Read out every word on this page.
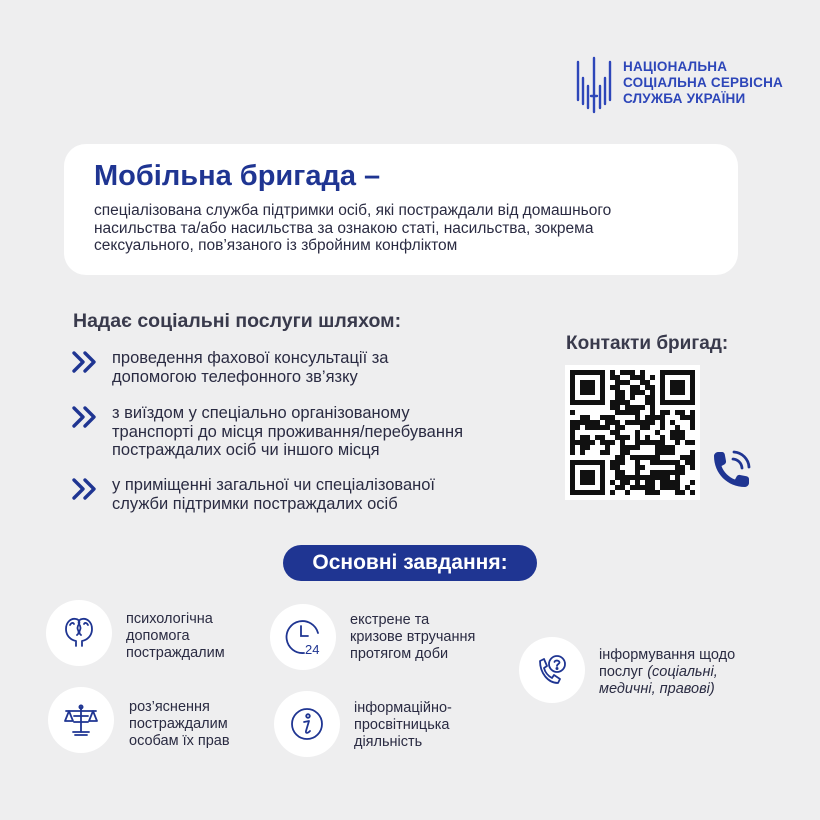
НАЦІОНАЛЬНА
СОЦІАЛЬНА СЕРВІСНА
СЛУЖБА УКРАЇНИ
Мобільна бригада –
спеціалізована служба підтримки осіб, які постраждали від домашнього
насильства та/або насильства за ознакою статі, насильства, зокрема
сексуального, пов’язаного із збройним конфліктом
Надає соціальні послуги шляхом:
проведення фахової консультації за
допомогою телефонного зв’язку
з виїздом у спеціально організованому
транспорті до місця проживання/перебування
постраждалих осіб чи іншого місця
у приміщенні загальної чи спеціалізованої
служби підтримки постраждалих осіб
Контакти бригад:
Основні завдання:
психологічна
допомога
постраждалим	24
екстрене та
кризове втручання
протягом доби	інформування щодо
послуг (соціальні,
медичні, правові)
роз’яснення
постраждалим
особам їх прав
інформаційно-
просвітницька
діяльність
